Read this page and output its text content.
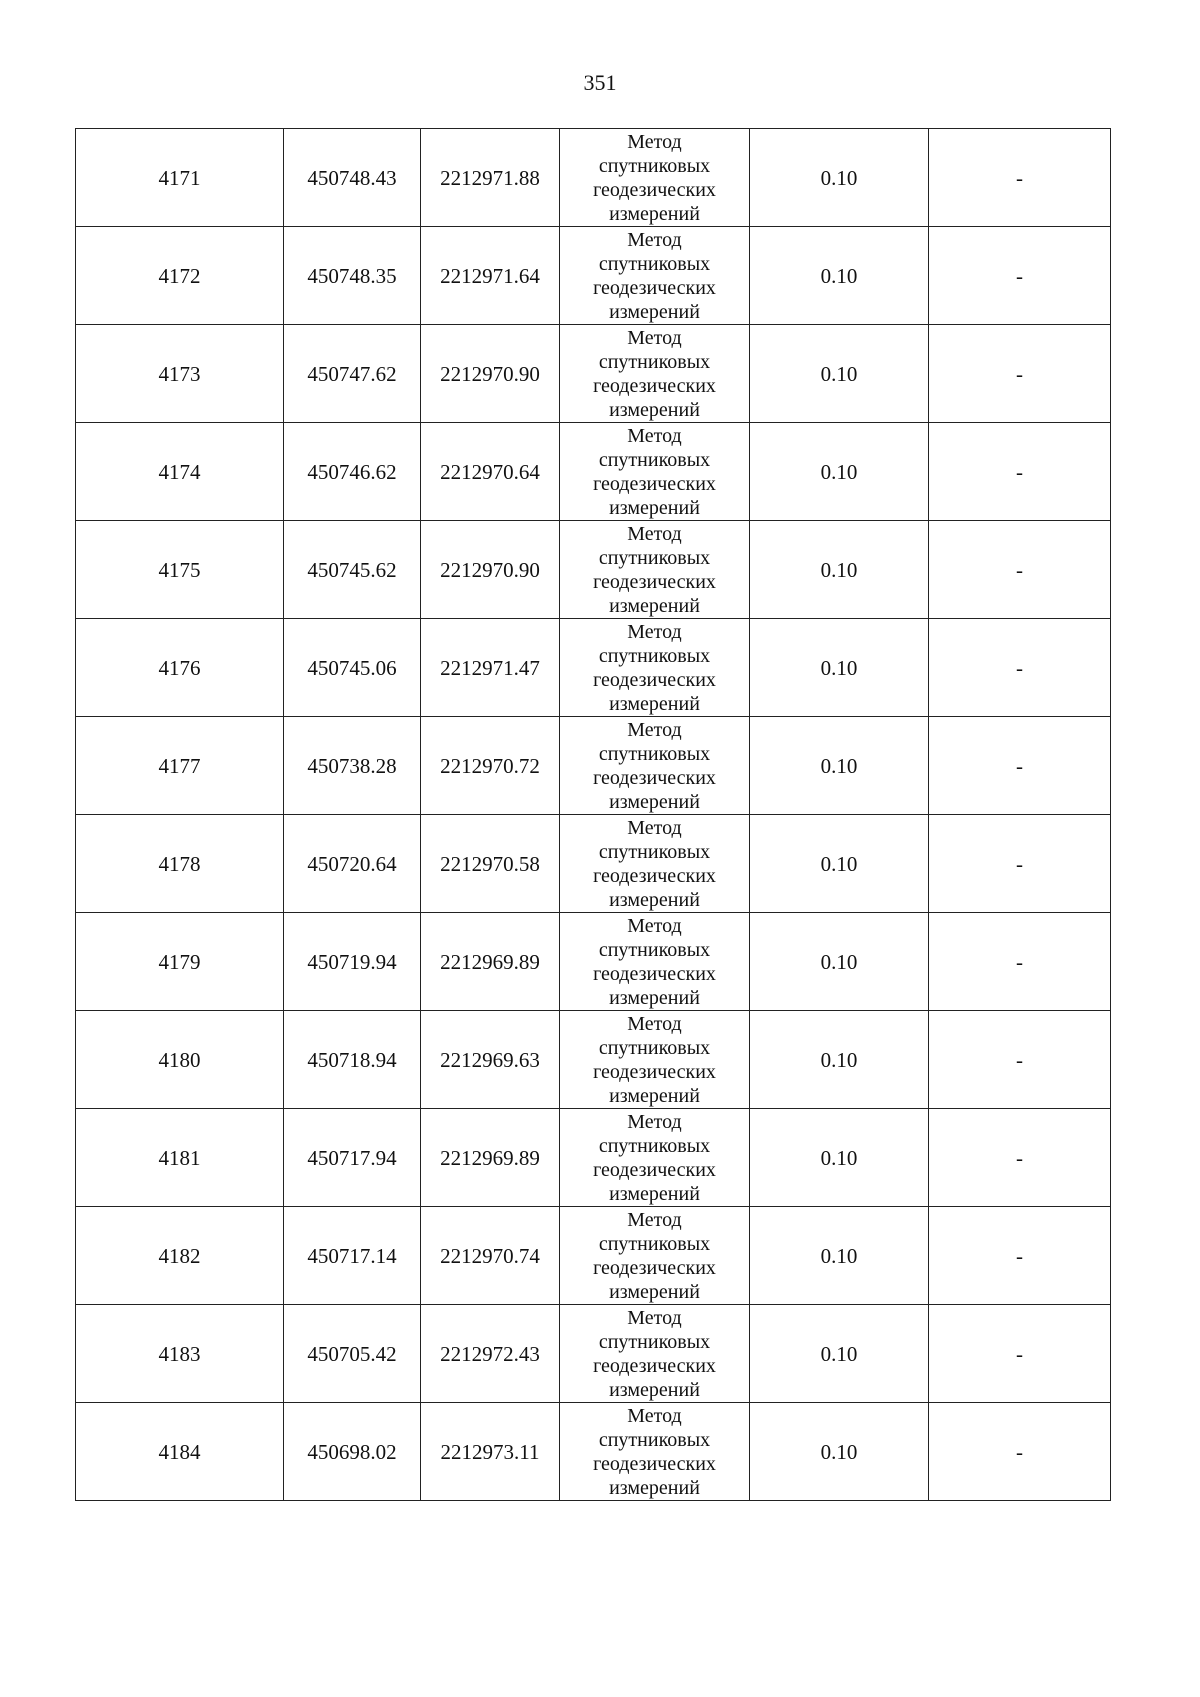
351
4171	450748.43	2212971.88	Метод
спутниковых
геодезических
измерений	0.10	-
4172	450748.35	2212971.64	Метод
спутниковых
геодезических
измерений	0.10	-
4173	450747.62	2212970.90	Метод
спутниковых
геодезических
измерений	0.10	-
4174	450746.62	2212970.64	Метод
спутниковых
геодезических
измерений	0.10	-
4175	450745.62	2212970.90	Метод
спутниковых
геодезических
измерений	0.10	-
4176	450745.06	2212971.47	Метод
спутниковых
геодезических
измерений	0.10	-
4177	450738.28	2212970.72	Метод
спутниковых
геодезических
измерений	0.10	-
4178	450720.64	2212970.58	Метод
спутниковых
геодезических
измерений	0.10	-
4179	450719.94	2212969.89	Метод
спутниковых
геодезических
измерений	0.10	-
4180	450718.94	2212969.63	Метод
спутниковых
геодезических
измерений	0.10	-
4181	450717.94	2212969.89	Метод
спутниковых
геодезических
измерений	0.10	-
4182	450717.14	2212970.74	Метод
спутниковых
геодезических
измерений	0.10	-
4183	450705.42	2212972.43	Метод
спутниковых
геодезических
измерений	0.10	-
4184	450698.02	2212973.11	Метод
спутниковых
геодезических
измерений	0.10	-
